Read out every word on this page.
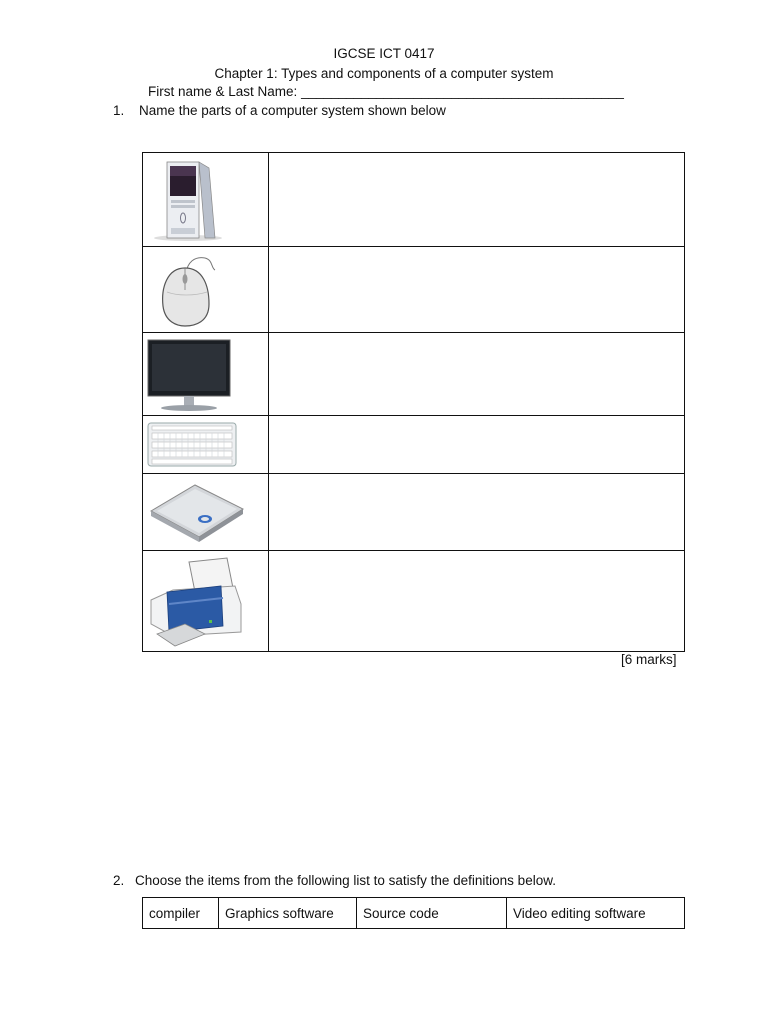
IGCSE ICT 0417
Chapter 1: Types and components of a computer system
First name & Last Name: ___________________________________________
1. Name the parts of a computer system shown below

[6 marks]
2. Choose the items from the following list to satisfy the definitions below.
compiler	Graphics software	Source code	Video editing software
